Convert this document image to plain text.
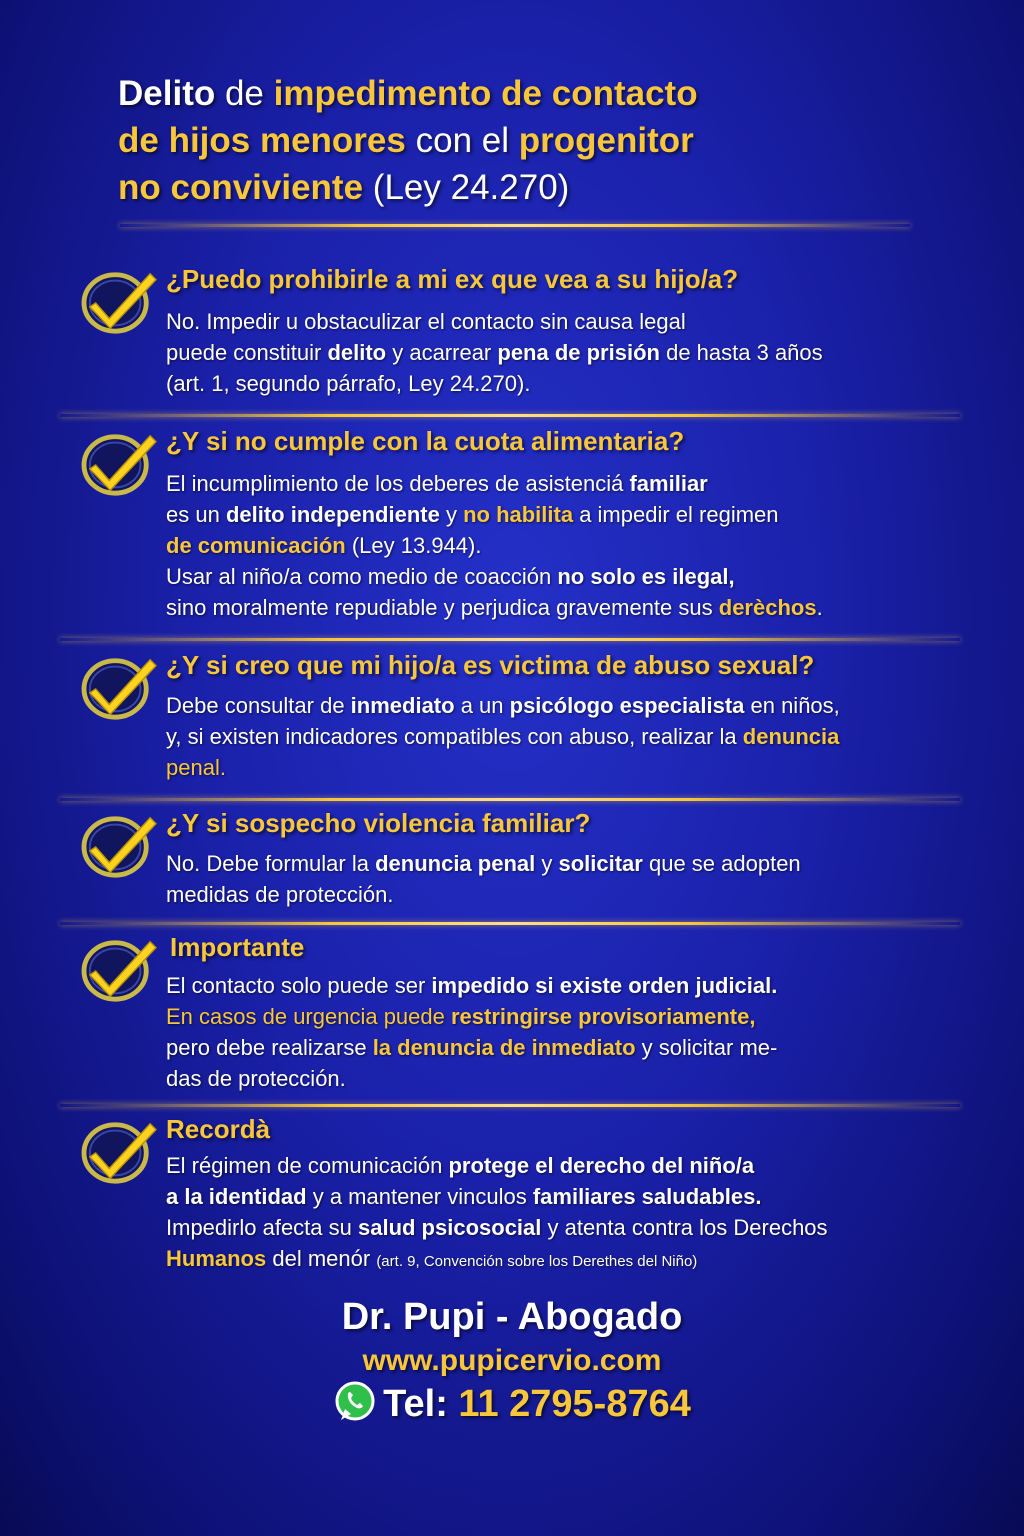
Delito de impedimento de contacto
de hijos menores con el progenitor
no conviviente (Ley 24.270)
¿Puedo prohibirle a mi ex que vea a su hijo/a?
No. Impedir u obstaculizar el contacto sin causa legal
puede constituir delito y acarrear pena de prisión de hasta 3 años
(art. 1, segundo párrafo, Ley 24.270).
¿Y si no cumple con la cuota alimentaria?
El incumplimiento de los deberes de asistenciá familiar
es un delito independiente y no habilita a impedir el regimen
de comunicación (Ley 13.944).
Usar al niño/a como medio de coacción no solo es ilegal,
sino moralmente repudiable y perjudica gravemente sus derèchos.
¿Y si creo que mi hijo/a es victima de abuso sexual?
Debe consultar de inmediato a un psicólogo especialista en niños,
y, si existen indicadores compatibles con abuso, realizar la denuncia
penal.
¿Y si sospecho violencia familiar?
No. Debe formular la denuncia penal y solicitar que se adopten
medidas de protección.
Importante
El contacto solo puede ser impedido si existe orden judicial.
En casos de urgencia puede restringirse provisoriamente,
pero debe realizarse la denuncia de inmediato y solicitar me-
das de protección.
Recordà
El régimen de comunicación protege el derecho del niño/a
a la identidad y a mantener vinculos familiares saludables.
Impedirlo afecta su salud psicosocial y atenta contra los Derechos
Humanos del menór (art. 9, Convención sobre los Derethes del Niño)
Dr. Pupi - Abogado
www.pupicervio.com
Tel: 11 2795-8764
